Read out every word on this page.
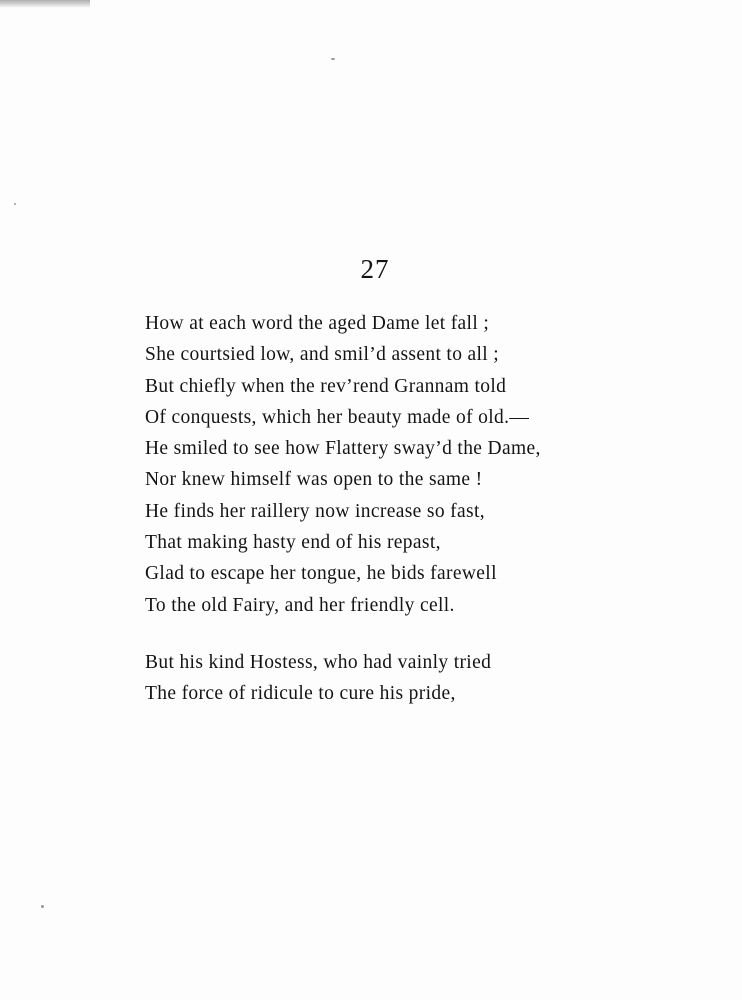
27
How at each word the aged Dame let fall ;
She courtsied low, and smil’d assent to all ;
But chiefly when the rev’rend Grannam told
Of conquests, which her beauty made of old.—
He smiled to see how Flattery sway’d the Dame,
Nor knew himself was open to the same !
He finds her raillery now increase so fast,
That making hasty end of his repast,
Glad to escape her tongue, he bids farewell
To the old Fairy, and her friendly cell.
But his kind Hostess, who had vainly tried
The force of ridicule to cure his pride,
